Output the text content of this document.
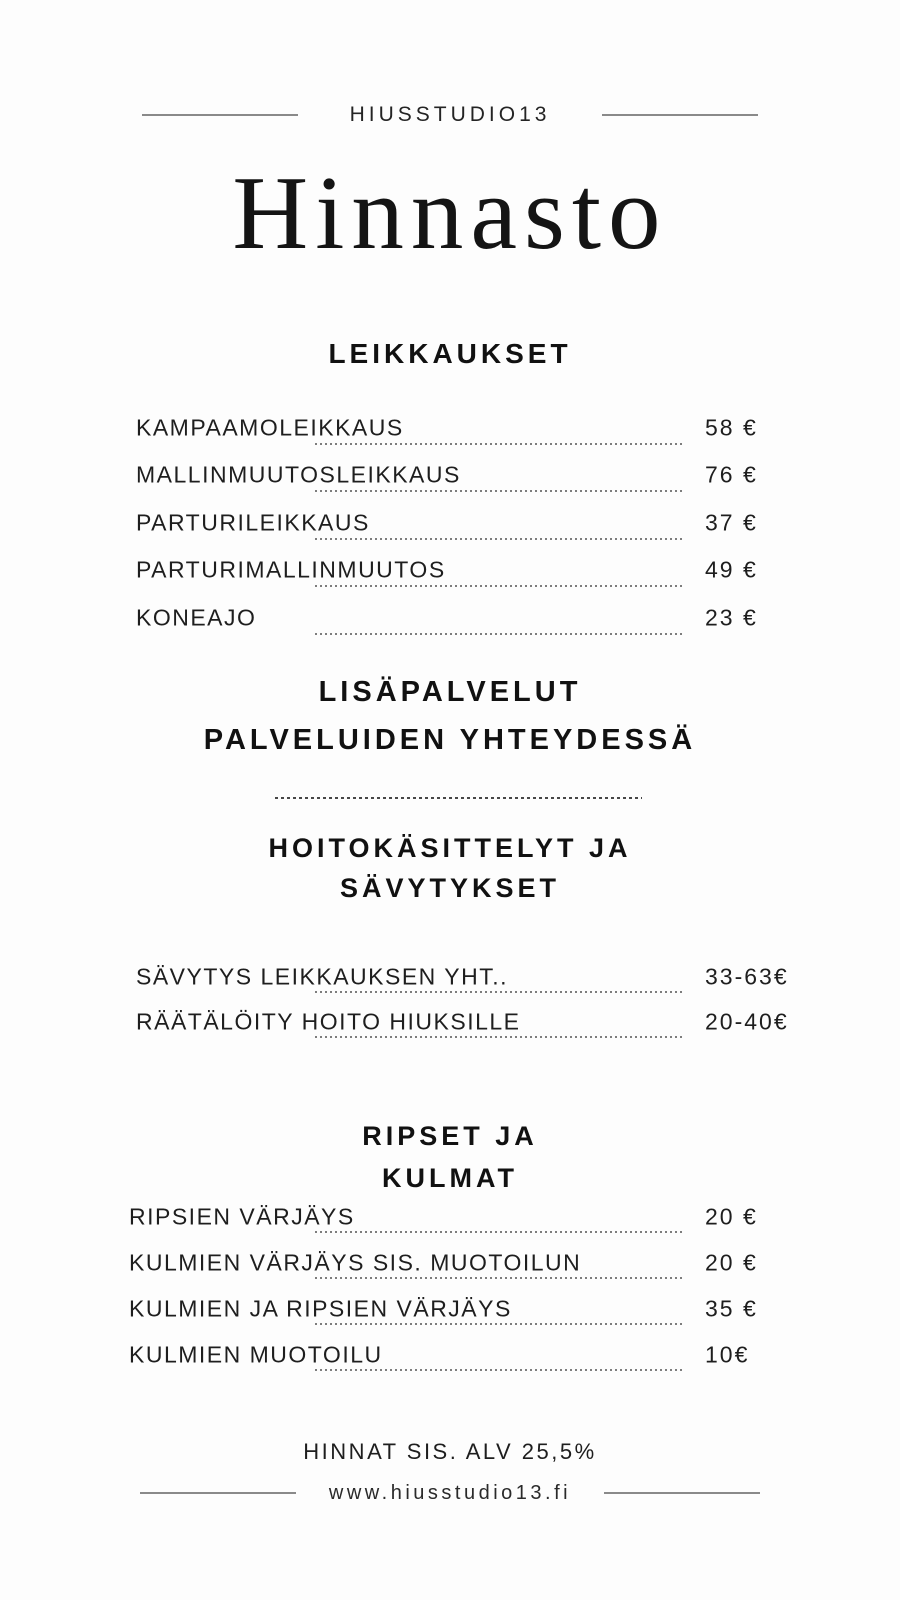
HIUSSTUDIO13
Hinnasto
LEIKKAUKSET
KAMPAAMOLEIKKAUS	58 €
MALLINMUUTOSLEIKKAUS	76 €
PARTURILEIKKAUS	37 €
PARTURIMALLINMUUTOS	49 €
KONEAJO	23 €
LISÄPALVELUT
PALVELUIDEN YHTEYDESSÄ
HOITOKÄSITTELYT JA
SÄVYTYKSET
SÄVYTYS LEIKKAUKSEN YHT..	33-63€
RÄÄTÄLÖITY HOITO HIUKSILLE	20-40€
RIPSET JA
KULMAT
RIPSIEN VÄRJÄYS	20 €
KULMIEN VÄRJÄYS SIS. MUOTOILUN	20 €
KULMIEN JA RIPSIEN VÄRJÄYS	35 €
KULMIEN MUOTOILU	10€
HINNAT SIS. ALV 25,5%
www.hiusstudio13.fi
